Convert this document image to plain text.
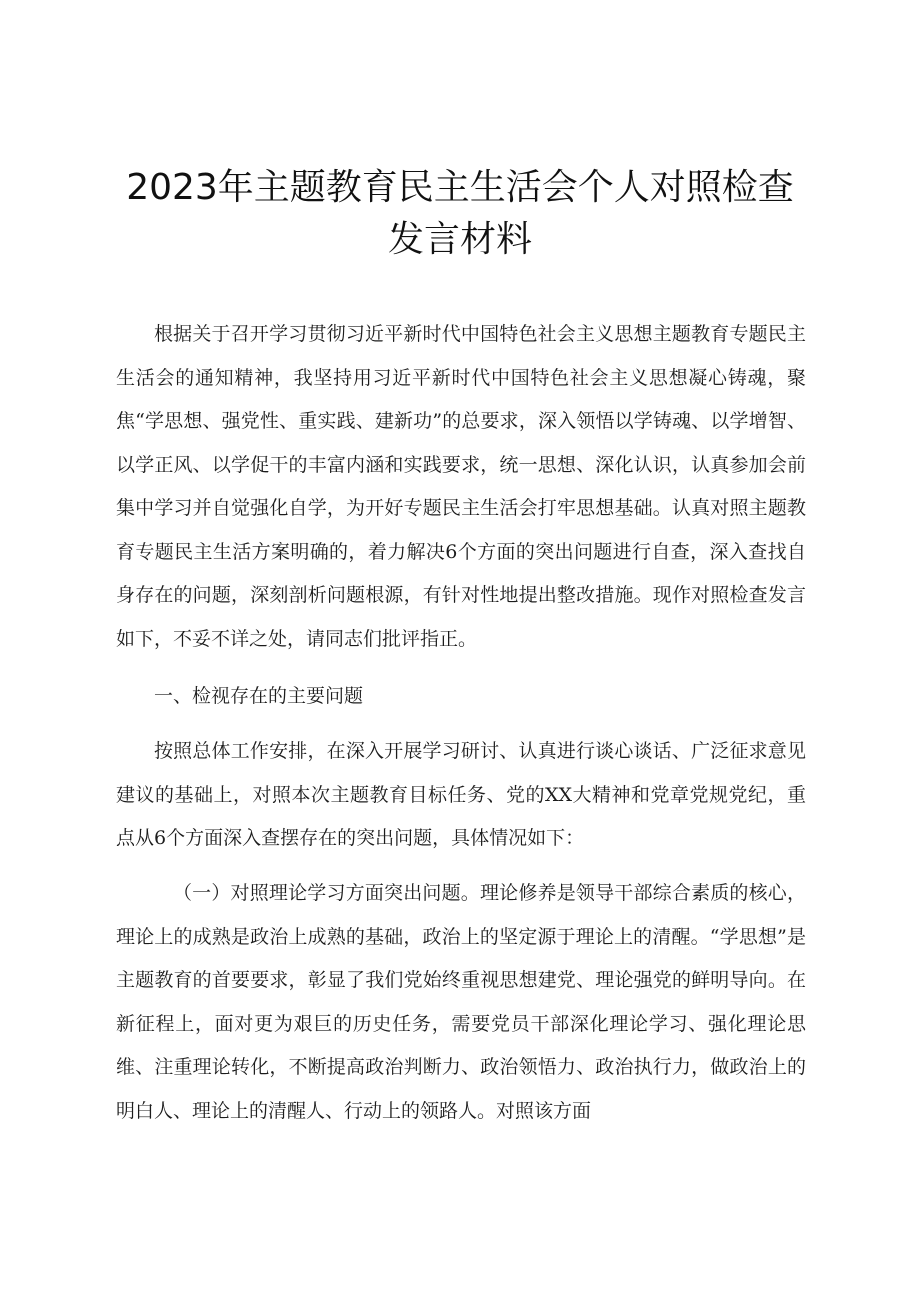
2023年主题教育民主生活会个人对照检查
发言材料

根据关于召开学习贯彻习近平新时代中国特色社会主义思想主题教育专题民主生活会的通知精神，我坚持用习近平新时代中国特色社会主义思想凝心铸魂，聚焦“学思想、强党性、重实践、建新功”的总要求，深入领悟以学铸魂、以学增智、以学正风、以学促干的丰富内涵和实践要求，统一思想、深化认识，认真参加会前集中学习并自觉强化自学，为开好专题民主生活会打牢思想基础。认真对照主题教育专题民主生活方案明确的，着力解决6个方面的突出问题进行自查，深入查找自身存在的问题，深刻剖析问题根源，有针对性地提出整改措施。现作对照检查发言如下，不妥不详之处，请同志们批评指正。

一、检视存在的主要问题

按照总体工作安排，在深入开展学习研讨、认真进行谈心谈话、广泛征求意见建议的基础上，对照本次主题教育目标任务、党的XX大精神和党章党规党纪，重点从6个方面深入查摆存在的突出问题，具体情况如下：

（一）对照理论学习方面突出问题。理论修养是领导干部综合素质的核心，理论上的成熟是政治上成熟的基础，政治上的坚定源于理论上的清醒。“学思想”是主题教育的首要要求，彰显了我们党始终重视思想建党、理论强党的鲜明导向。在新征程上，面对更为艰巨的历史任务，需要党员干部深化理论学习、强化理论思维、注重理论转化，不断提高政治判断力、政治领悟力、政治执行力，做政治上的明白人、理论上的清醒人、行动上的领路人。对照该方面
